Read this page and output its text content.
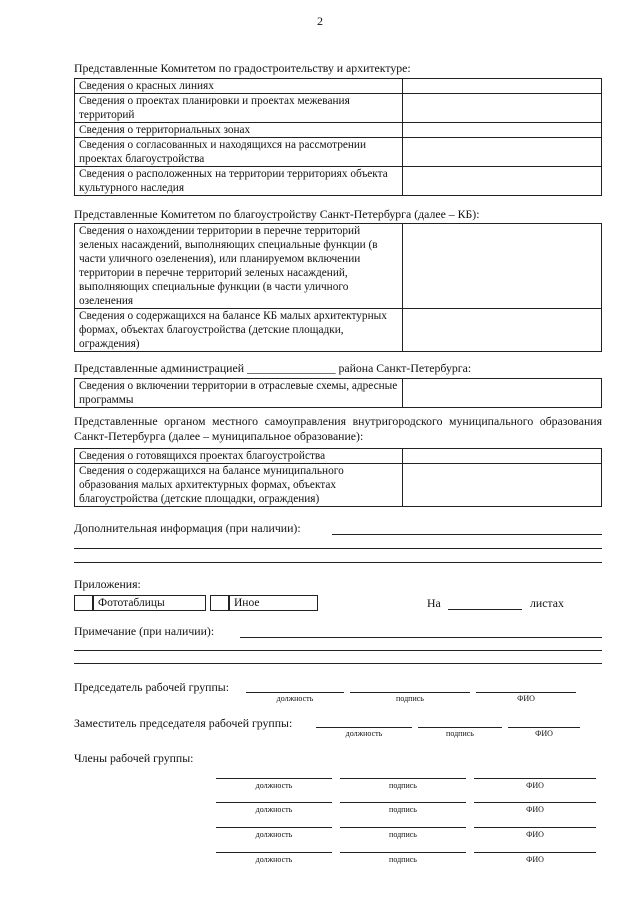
2
Представленные Комитетом по градостроительству и архитектуре:
Сведения о красных линиях	
Сведения о проектах планировки и проектах межевания территорий	
Сведения о территориальных зонах	
Сведения о согласованных и находящихся на рассмотрении проектах благоустройства	
Сведения о расположенных на территории территориях объекта культурного наследия	
Представленные Комитетом по благоустройству Санкт-Петербурга (далее – КБ):
Сведения о нахождении территории в перечне территорий зеленых насаждений, выполняющих специальные функции (в части уличного озеленения), или планируемом включении территории в перечне территорий зеленых насаждений, выполняющих специальные функции (в части уличного озеленения	
Сведения о содержащихся на балансе КБ малых архитектурных формах, объектах благоустройства (детские площадки, ограждения)	
Представленные администрацией _______________ района Санкт-Петербурга:
Сведения о включении территории в отраслевые схемы, адресные программы	
Представленные органом местного самоуправления внутригородского муниципального образования Санкт-Петербурга (далее – муниципальное образование):
Сведения о готовящихся проектах благоустройства	
Сведения о содержащихся на балансе муниципального образования малых архитектурных формах, объектах благоустройства (детские площадки, ограждения)	
Дополнительная информация (при наличии):
Приложения:
Фототаблицы	Иное	На	листах
Примечание (при наличии):
Председатель рабочей группы:
должность	подпись	ФИО
Заместитель председателя рабочей группы:
должность	подпись	ФИО
Члены рабочей группы:
должность	подпись	ФИО
должность	подпись	ФИО
должность	подпись	ФИО
должность	подпись	ФИО
